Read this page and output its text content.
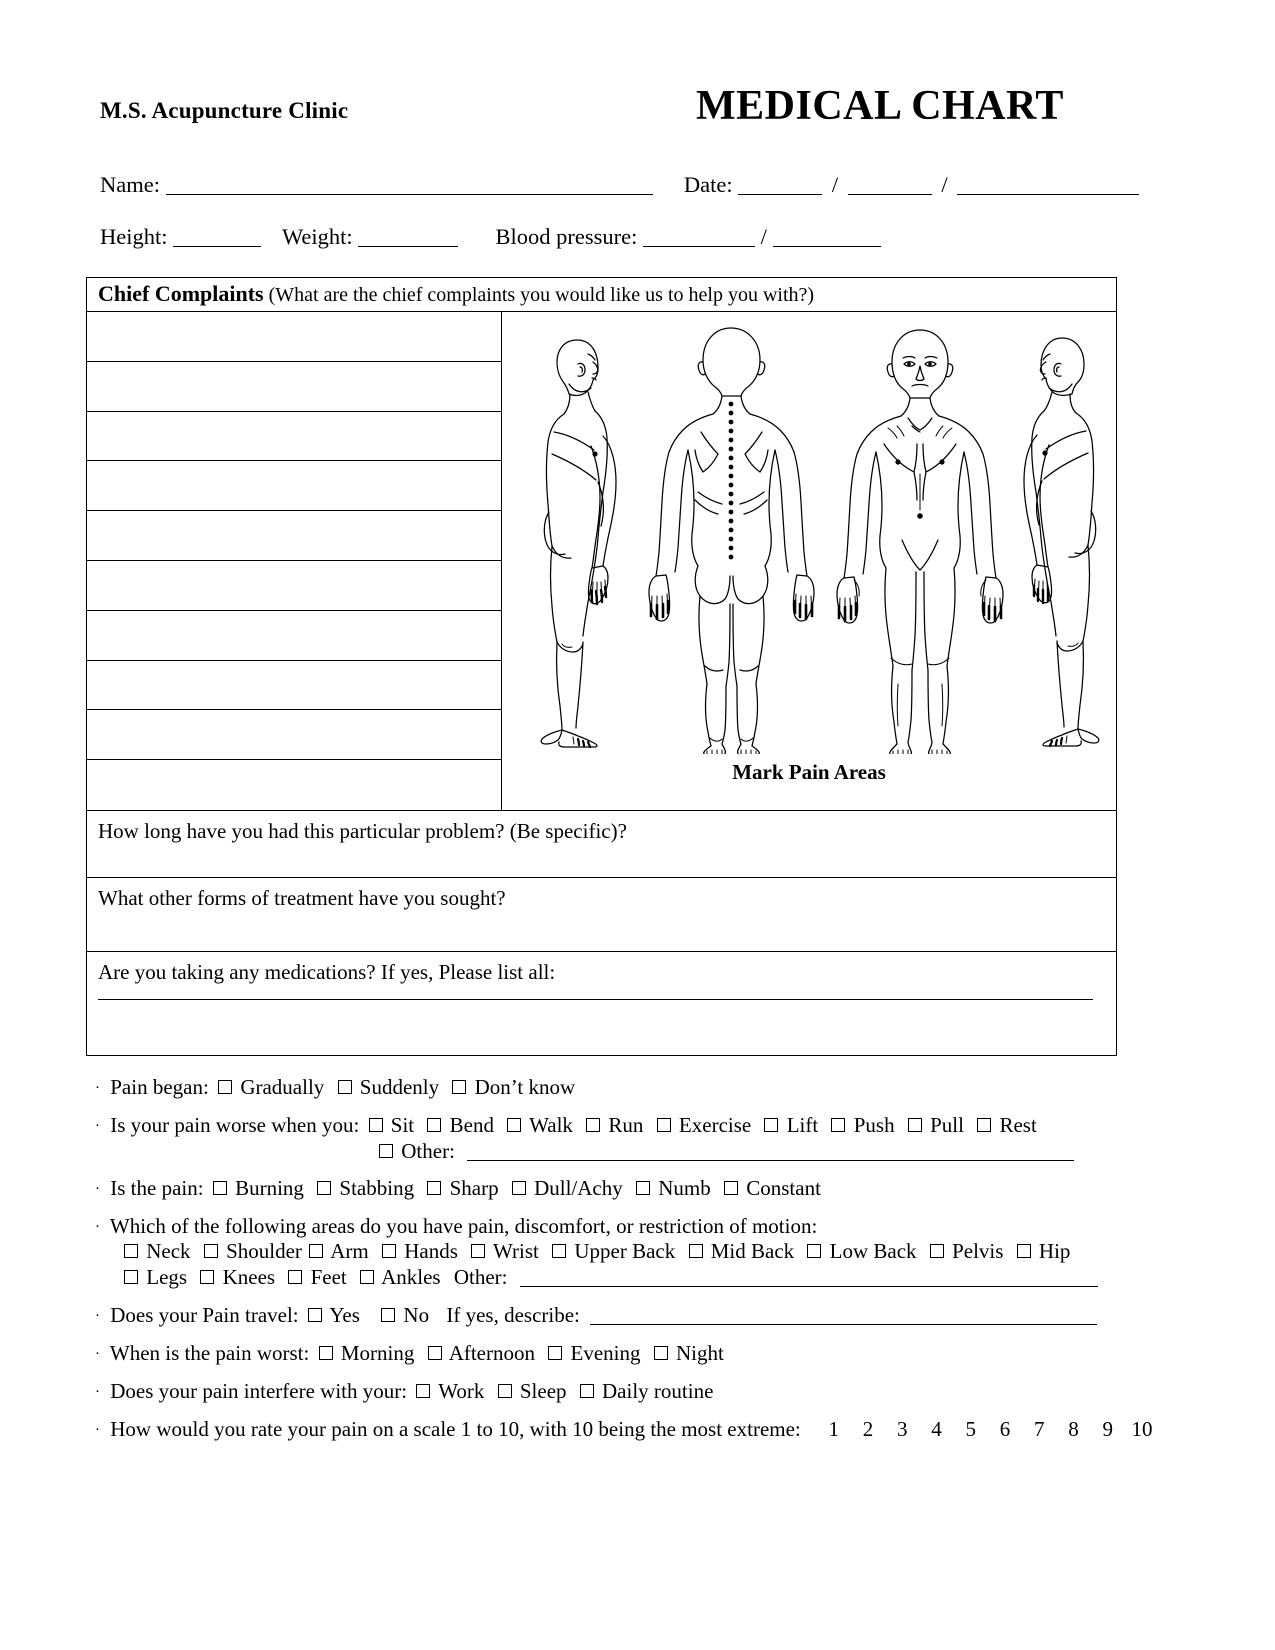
M.S. Acupuncture Clinic	MEDICAL CHART
Name:	Date:	/	/
Height:	Weight:	Blood pressure:	/
Chief Complaints (What are the chief complaints you would like us to help you with?)
Mark Pain Areas
How long have you had this particular problem? (Be specific)?
What other forms of treatment have you sought?
Are you taking any medications? If yes, Please list all:
· Pain began: Gradually Suddenly Don’t know
· Is your pain worse when you: Sit Bend Walk Run Exercise Lift Push Pull Rest
Other:
· Is the pain: Burning Stabbing Sharp Dull/Achy Numb Constant
· Which of the following areas do you have pain, discomfort, or restriction of motion:
Neck Shoulder Arm Hands Wrist Upper Back Mid Back Low Back Pelvis Hip
Legs Knees Feet Ankles Other:
· Does your Pain travel: Yes No If yes, describe:
· When is the pain worst: Morning Afternoon Evening Night
· Does your pain interfere with your: Work Sleep Daily routine
· How would you rate your pain on a scale 1 to 10, with 10 being the most extreme: 1 2 3 4 5 6 7 8 9 10
